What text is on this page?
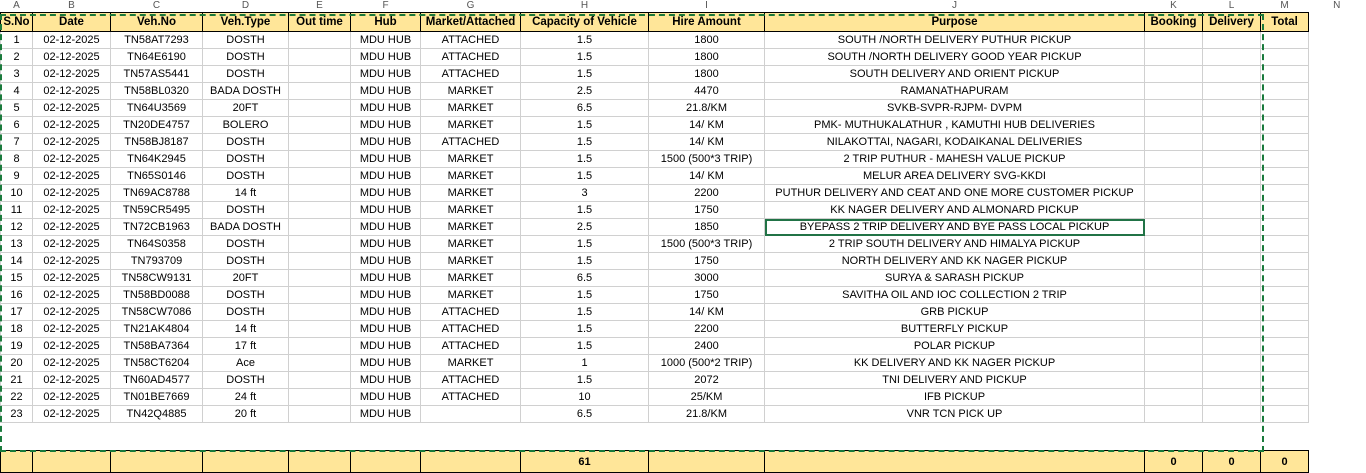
A	B	C	D	E	F	G	H	I	J	K	L	M	N
S.No	Date	Veh.No	Veh.Type	Out time	Hub	Market/Attached	Capacity of Vehicle	Hire Amount	Purpose	Booking	Delivery	Total	
1	02-12-2025	TN58AT7293	DOSTH		MDU HUB	ATTACHED	1.5	1800	SOUTH /NORTH DELIVERY PUTHUR PICKUP				
2	02-12-2025	TN64E6190	DOSTH		MDU HUB	ATTACHED	1.5	1800	SOUTH /NORTH DELIVERY GOOD YEAR PICKUP				
3	02-12-2025	TN57AS5441	DOSTH		MDU HUB	ATTACHED	1.5	1800	SOUTH DELIVERY AND ORIENT PICKUP				
4	02-12-2025	TN58BL0320	BADA DOSTH		MDU HUB	MARKET	2.5	4470	RAMANATHAPURAM				
5	02-12-2025	TN64U3569	20FT		MDU HUB	MARKET	6.5	21.8/KM	SVKB-SVPR-RJPM- DVPM				
6	02-12-2025	TN20DE4757	BOLERO		MDU HUB	MARKET	1.5	14/ KM	PMK- MUTHUKALATHUR , KAMUTHI HUB DELIVERIES				
7	02-12-2025	TN58BJ8187	DOSTH		MDU HUB	ATTACHED	1.5	14/ KM	NILAKOTTAI, NAGARI, KODAIKANAL DELIVERIES				
8	02-12-2025	TN64K2945	DOSTH		MDU HUB	MARKET	1.5	1500 (500*3 TRIP)	2 TRIP PUTHUR - MAHESH VALUE PICKUP				
9	02-12-2025	TN65S0146	DOSTH		MDU HUB	MARKET	1.5	14/ KM	MELUR AREA DELIVERY SVG-KKDI				
10	02-12-2025	TN69AC8788	14 ft		MDU HUB	MARKET	3	2200	PUTHUR DELIVERY AND CEAT AND ONE MORE CUSTOMER PICKUP				
11	02-12-2025	TN59CR5495	DOSTH		MDU HUB	MARKET	1.5	1750	KK NAGER DELIVERY AND ALMONARD PICKUP				
12	02-12-2025	TN72CB1963	BADA DOSTH		MDU HUB	MARKET	2.5	1850	BYEPASS 2 TRIP DELIVERY AND BYE PASS LOCAL PICKUP				
13	02-12-2025	TN64S0358	DOSTH		MDU HUB	MARKET	1.5	1500 (500*3 TRIP)	2 TRIP SOUTH DELIVERY AND HIMALYA PICKUP				
14	02-12-2025	TN793709	DOSTH		MDU HUB	MARKET	1.5	1750	NORTH DELIVERY AND KK NAGER PICKUP				
15	02-12-2025	TN58CW9131	20FT		MDU HUB	MARKET	6.5	3000	SURYA & SARASH PICKUP				
16	02-12-2025	TN58BD0088	DOSTH		MDU HUB	MARKET	1.5	1750	SAVITHA OIL AND IOC COLLECTION 2 TRIP				
17	02-12-2025	TN58CW7086	DOSTH		MDU HUB	ATTACHED	1.5	14/ KM	GRB PICKUP				
18	02-12-2025	TN21AK4804	14 ft		MDU HUB	ATTACHED	1.5	2200	BUTTERFLY PICKUP				
19	02-12-2025	TN58BA7364	17 ft		MDU HUB	ATTACHED	1.5	2400	POLAR PICKUP				
20	02-12-2025	TN58CT6204	Ace		MDU HUB	MARKET	1	1000 (500*2 TRIP)	KK DELIVERY AND KK NAGER PICKUP				
21	02-12-2025	TN60AD4577	DOSTH		MDU HUB	ATTACHED	1.5	2072	TNI DELIVERY AND PICKUP				
22	02-12-2025	TN01BE7669	24 ft		MDU HUB	ATTACHED	10	25/KM	IFB PICKUP				
23	02-12-2025	TN42Q4885	20 ft		MDU HUB		6.5	21.8/KM	VNR TCN PICK UP				

							61			0	0	0	
